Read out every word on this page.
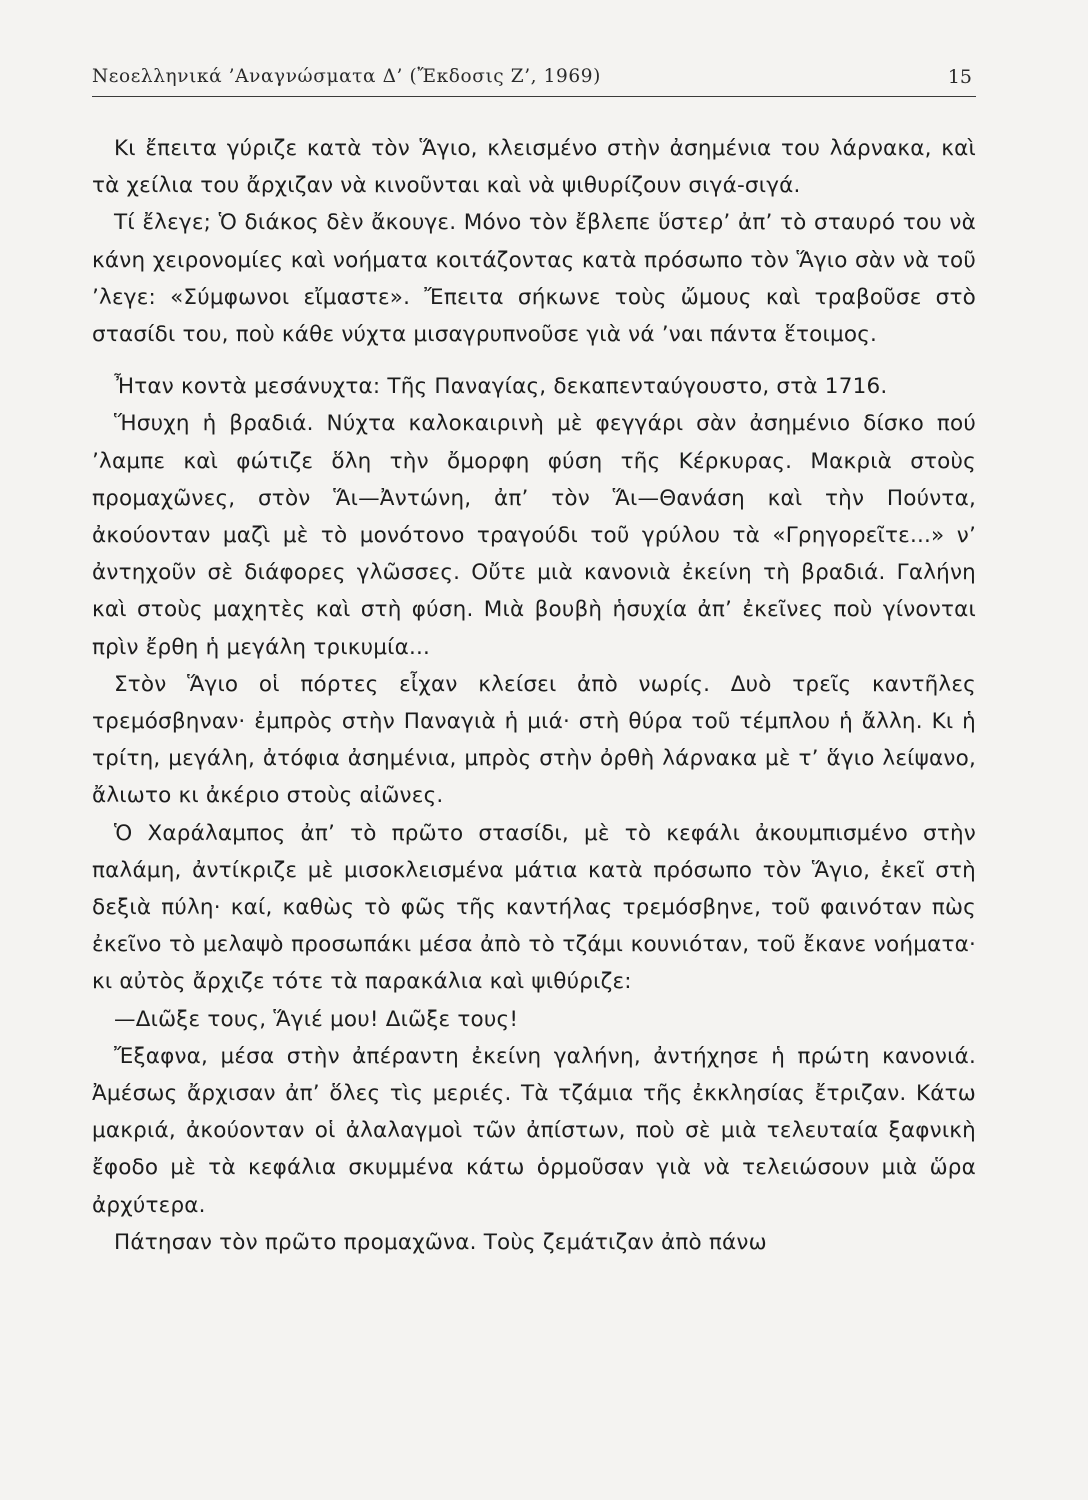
Νεοελληνικά ’Αναγνώσματα Δ’ (Ἔκδοσις Ζ’, 1969)	15

Κι ἔπειτα γύριζε κατὰ τὸν Ἅγιο, κλεισμένο στὴν ἀσημένια του λάρνακα, καὶ τὰ χείλια του ἄρχιζαν νὰ κινοῦνται καὶ νὰ ψιθυρίζουν σιγά-σιγά.

Τί ἔλεγε; Ὁ διάκος δὲν ἄκουγε. Μόνο τὸν ἔβλεπε ὕστερ’ ἀπ’ τὸ σταυρό του νὰ κάνη χειρονομίες καὶ νοήματα κοιτάζοντας κατὰ πρόσωπο τὸν Ἅγιο σὰν νὰ τοῦ ’λεγε: «Σύμφωνοι εἴμαστε». Ἔπειτα σήκωνε τοὺς ὤμους καὶ τραβοῦσε στὸ στασίδι του, ποὺ κάθε νύχτα μισαγρυπνοῦσε γιὰ νά ’ναι πάντα ἕτοιμος.

Ἦταν κοντὰ μεσάνυχτα: Τῆς Παναγίας, δεκαπενταύγουστο, στὰ 1716.

Ἥσυχη ἡ βραδιά. Νύχτα καλοκαιρινὴ μὲ φεγγάρι σὰν ἀσημένιο δίσκο πού ’λαμπε καὶ φώτιζε ὅλη τὴν ὄμορφη φύση τῆς Κέρκυρας. Μακριὰ στοὺς προμαχῶνες, στὸν Ἅι—Ἀντώνη, ἀπ’ τὸν Ἅι—Θανάση καὶ τὴν Πούντα, ἀκούονταν μαζὶ μὲ τὸ μονότονο τραγούδι τοῦ γρύλου τὰ «Γρηγορεῖτε...» ν’ ἀντηχοῦν σὲ διάφορες γλῶσσες. Οὔτε μιὰ κανονιὰ ἐκείνη τὴ βραδιά. Γαλήνη καὶ στοὺς μαχητὲς καὶ στὴ φύση. Μιὰ βουβὴ ἡσυχία ἀπ’ ἐκεῖνες ποὺ γίνονται πρὶν ἔρθη ἡ μεγάλη τρικυμία...

Στὸν Ἅγιο οἱ πόρτες εἶχαν κλείσει ἀπὸ νωρίς. Δυὸ τρεῖς καντῆλες τρεμόσβηναν· ἐμπρὸς στὴν Παναγιὰ ἡ μιά· στὴ θύρα τοῦ τέμπλου ἡ ἄλλη. Κι ἡ τρίτη, μεγάλη, ἀτόφια ἀσημένια, μπρὸς στὴν ὀρθὴ λάρνακα μὲ τ’ ἅγιο λείψανο, ἄλιωτο κι ἀκέριο στοὺς αἰῶνες.

Ὁ Χαράλαμπος ἀπ’ τὸ πρῶτο στασίδι, μὲ τὸ κεφάλι ἀκουμπισμένο στὴν παλάμη, ἀντίκριζε μὲ μισοκλεισμένα μάτια κατὰ πρόσωπο τὸν Ἅγιο, ἐκεῖ στὴ δεξιὰ πύλη· καί, καθὼς τὸ φῶς τῆς καντήλας τρεμόσβηνε, τοῦ φαινόταν πὼς ἐκεῖνο τὸ μελαψὸ προσωπάκι μέσα ἀπὸ τὸ τζάμι κουνιόταν, τοῦ ἔκανε νοήματα· κι αὐτὸς ἄρχιζε τότε τὰ παρακάλια καὶ ψιθύριζε:

—Διῶξε τους, Ἅγιέ μου! Διῶξε τους!

Ἔξαφνα, μέσα στὴν ἀπέραντη ἐκείνη γαλήνη, ἀντήχησε ἡ πρώτη κανονιά. Ἀμέσως ἄρχισαν ἀπ’ ὅλες τὶς μεριές. Τὰ τζάμια τῆς ἐκκλησίας ἔτριζαν. Κάτω μακριά, ἀκούονταν οἱ ἀλαλαγμοὶ τῶν ἀπίστων, ποὺ σὲ μιὰ τελευταία ξαφνικὴ ἔφοδο μὲ τὰ κεφάλια σκυμμένα κάτω ὁρμοῦσαν γιὰ νὰ τελειώσουν μιὰ ὥρα ἀρχύτερα.

Πάτησαν τὸν πρῶτο προμαχῶνα. Τοὺς ζεμάτιζαν ἀπὸ πάνω
